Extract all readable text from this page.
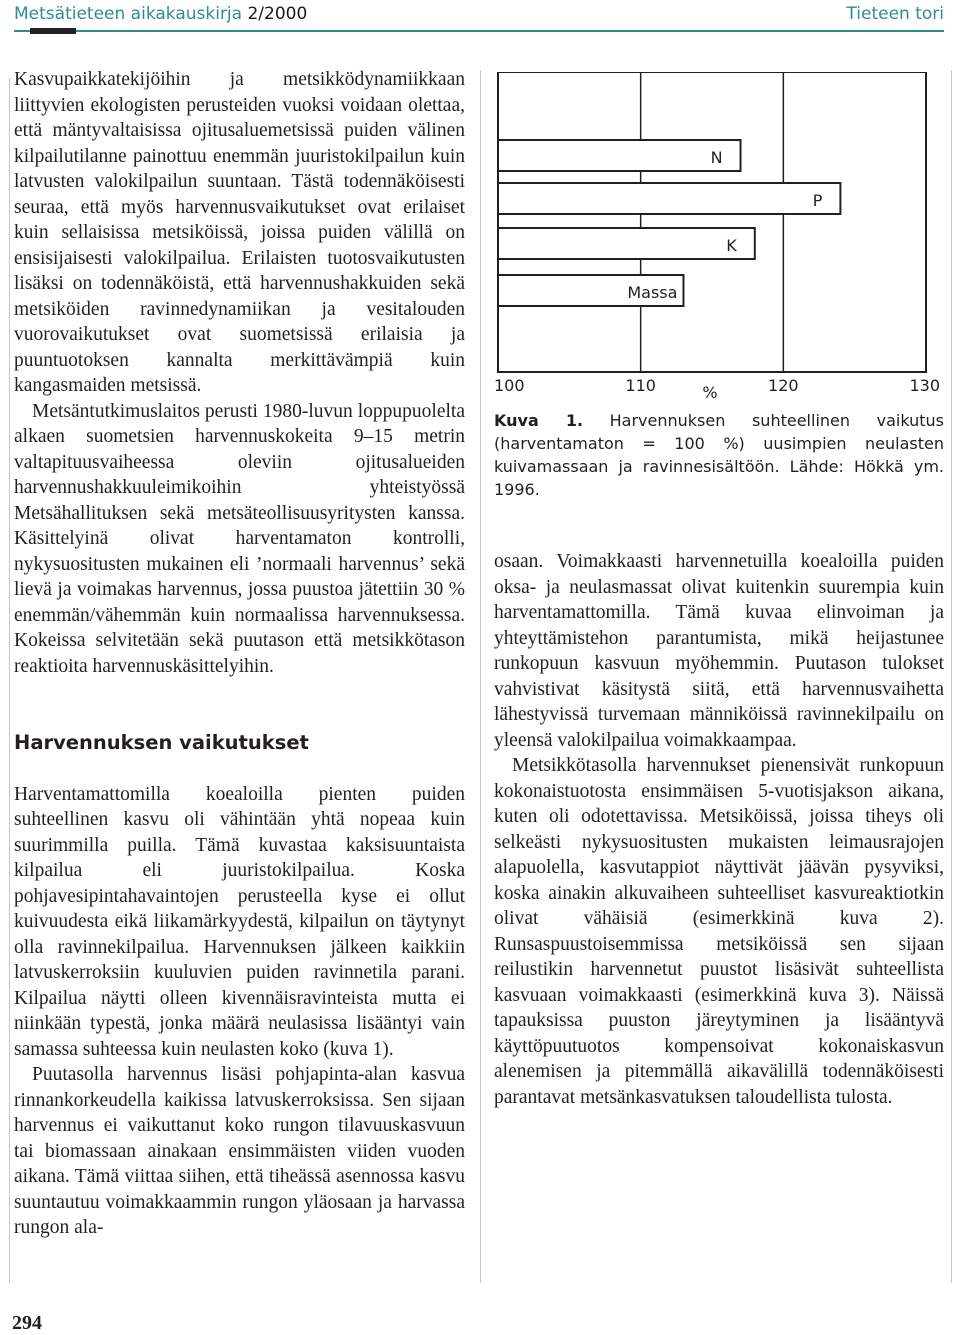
Metsätieteen aikakauskirja 2/2000	Tieteen tori

Kasvupaikkatekijöihin ja metsikködynamiikkaan liittyvien ekologisten perusteiden vuoksi voidaan olettaa, että mäntyvaltaisissa ojitusaluemetsissä puiden välinen kilpailutilanne painottuu enemmän juuristokilpailun kuin latvusten valokilpailun suuntaan. Tästä todennäköisesti seuraa, että myös harvennusvaikutukset ovat erilaiset kuin sellaisissa metsiköissä, joissa puiden välillä on ensisijaisesti valokilpailua. Erilaisten tuotosvaikutusten lisäksi on todennäköistä, että harvennushakkuiden sekä metsiköiden ravinnedynamiikan ja vesitalouden vuorovaikutukset ovat suometsissä erilaisia ja puuntuotoksen kannalta merkittävämpiä kuin kangasmaiden metsissä.

Metsäntutkimuslaitos perusti 1980-luvun loppupuolelta alkaen suometsien harvennuskokeita 9–15 metrin valtapituusvaiheessa oleviin ojitusalueiden harvennushakkuuleimikoihin yhteistyössä Metsähallituksen sekä metsäteollisuusyritysten kanssa. Käsittelyinä olivat harventamaton kontrolli, nykysuositusten mukainen eli ’normaali harvennus’ sekä lievä ja voimakas harvennus, jossa puustoa jätettiin 30 % enemmän/vähemmän kuin normaalissa harvennuksessa. Kokeissa selvitetään sekä puutason että metsikkötason reaktioita harvennuskäsittelyihin.

Harvennuksen vaikutukset

Harventamattomilla koealoilla pienten puiden suhteellinen kasvu oli vähintään yhtä nopeaa kuin suurimmilla puilla. Tämä kuvastaa kaksisuuntaista kilpailua eli juuristokilpailua. Koska pohjavesipintahavaintojen perusteella kyse ei ollut kuivuudesta eikä liikamärkyydestä, kilpailun on täytynyt olla ravinnekilpailua. Harvennuksen jälkeen kaikkiin latvuskerroksiin kuuluvien puiden ravinnetila parani. Kilpailua näytti olleen kivennäisravinteista mutta ei niinkään typestä, jonka määrä neulasissa lisääntyi vain samassa suhteessa kuin neulasten koko (kuva 1).

Puutasolla harvennus lisäsi pohjapinta-alan kasvua rinnankorkeudella kaikissa latvuskerroksissa. Sen sijaan harvennus ei vaikuttanut koko rungon tilavuuskasvuun tai biomassaan ainakaan ensimmäisten viiden vuoden aikana. Tämä viittaa siihen, että tiheässä asennossa kasvu suuntautuu voimakkaammin rungon yläosaan ja harvassa rungon ala-

N
P
K
Massa
100	110	120	130
%
Kuva 1. Harvennuksen suhteellinen vaikutus (harventamaton = 100 %) uusimpien neulasten kuivamassaan ja ravinnesisältöön. Lähde: Hökkä ym. 1996.

osaan. Voimakkaasti harvennetuilla koealoilla puiden oksa- ja neulasmassat olivat kuitenkin suurempia kuin harventamattomilla. Tämä kuvaa elinvoiman ja yhteyttämistehon parantumista, mikä heijastunee runkopuun kasvuun myöhemmin. Puutason tulokset vahvistivat käsitystä siitä, että harvennusvaihetta lähestyvissä turvemaan männiköissä ravinnekilpailu on yleensä valokilpailua voimakkaampaa.

Metsikkötasolla harvennukset pienensivät runkopuun kokonaistuotosta ensimmäisen 5-vuotisjakson aikana, kuten oli odotettavissa. Metsiköissä, joissa tiheys oli selkeästi nykysuositusten mukaisten leimausrajojen alapuolella, kasvutappiot näyttivät jäävän pysyviksi, koska ainakin alkuvaiheen suhteelliset kasvureaktiotkin olivat vähäisiä (esimerkkinä kuva 2). Runsaspuustoisemmissa metsiköissä sen sijaan reilustikin harvennetut puustot lisäsivät suhteellista kasvuaan voimakkaasti (esimerkkinä kuva 3). Näissä tapauksissa puuston järeytyminen ja lisääntyvä käyttöpuutuotos kompensoivat kokonaiskasvun alenemisen ja pitemmällä aikavälillä todennäköisesti parantavat metsänkasvatuksen taloudellista tulosta.

294
